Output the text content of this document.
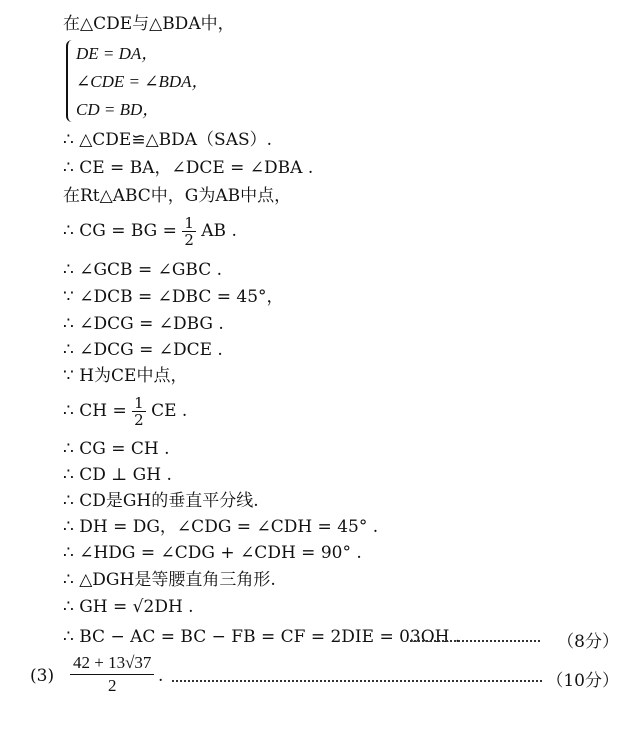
在△CDE与△BDA中，
DE = DA，
∠CDE = ∠BDA，
CD = BD，
∴ △CDE≌△BDA（SAS）.
∴ CE = BA，∠DCE = ∠DBA .
在Rt△ABC中，G为AB中点，
∴ CG = BG = $\frac{1}{2}$ AB .
∴ ∠GCB = ∠GBC .
∵ ∠DCB = ∠DBC = 45°，
∴ ∠DCG = ∠DBG .
∴ ∠DCG = ∠DCE .
∵ H为CE中点，
∴ CH = $\frac{1}{2}$ CE .
∴ CG = CH .
∴ CD ⊥ GH .
∴ CD是GH的垂直平分线.
∴ DH = DG，∠CDG = ∠CDH = 45° .
∴ ∠HDG = ∠CDG + ∠CDH = 90° .
∴ △DGH是等腰直角三角形.
∴ GH = √2DH .
∴ BC − AC = BC − FB = CF = 2DIE = 03OH .	（8分）
$(3) \frac{42 + 13√37}{2}$ .	（10分）
